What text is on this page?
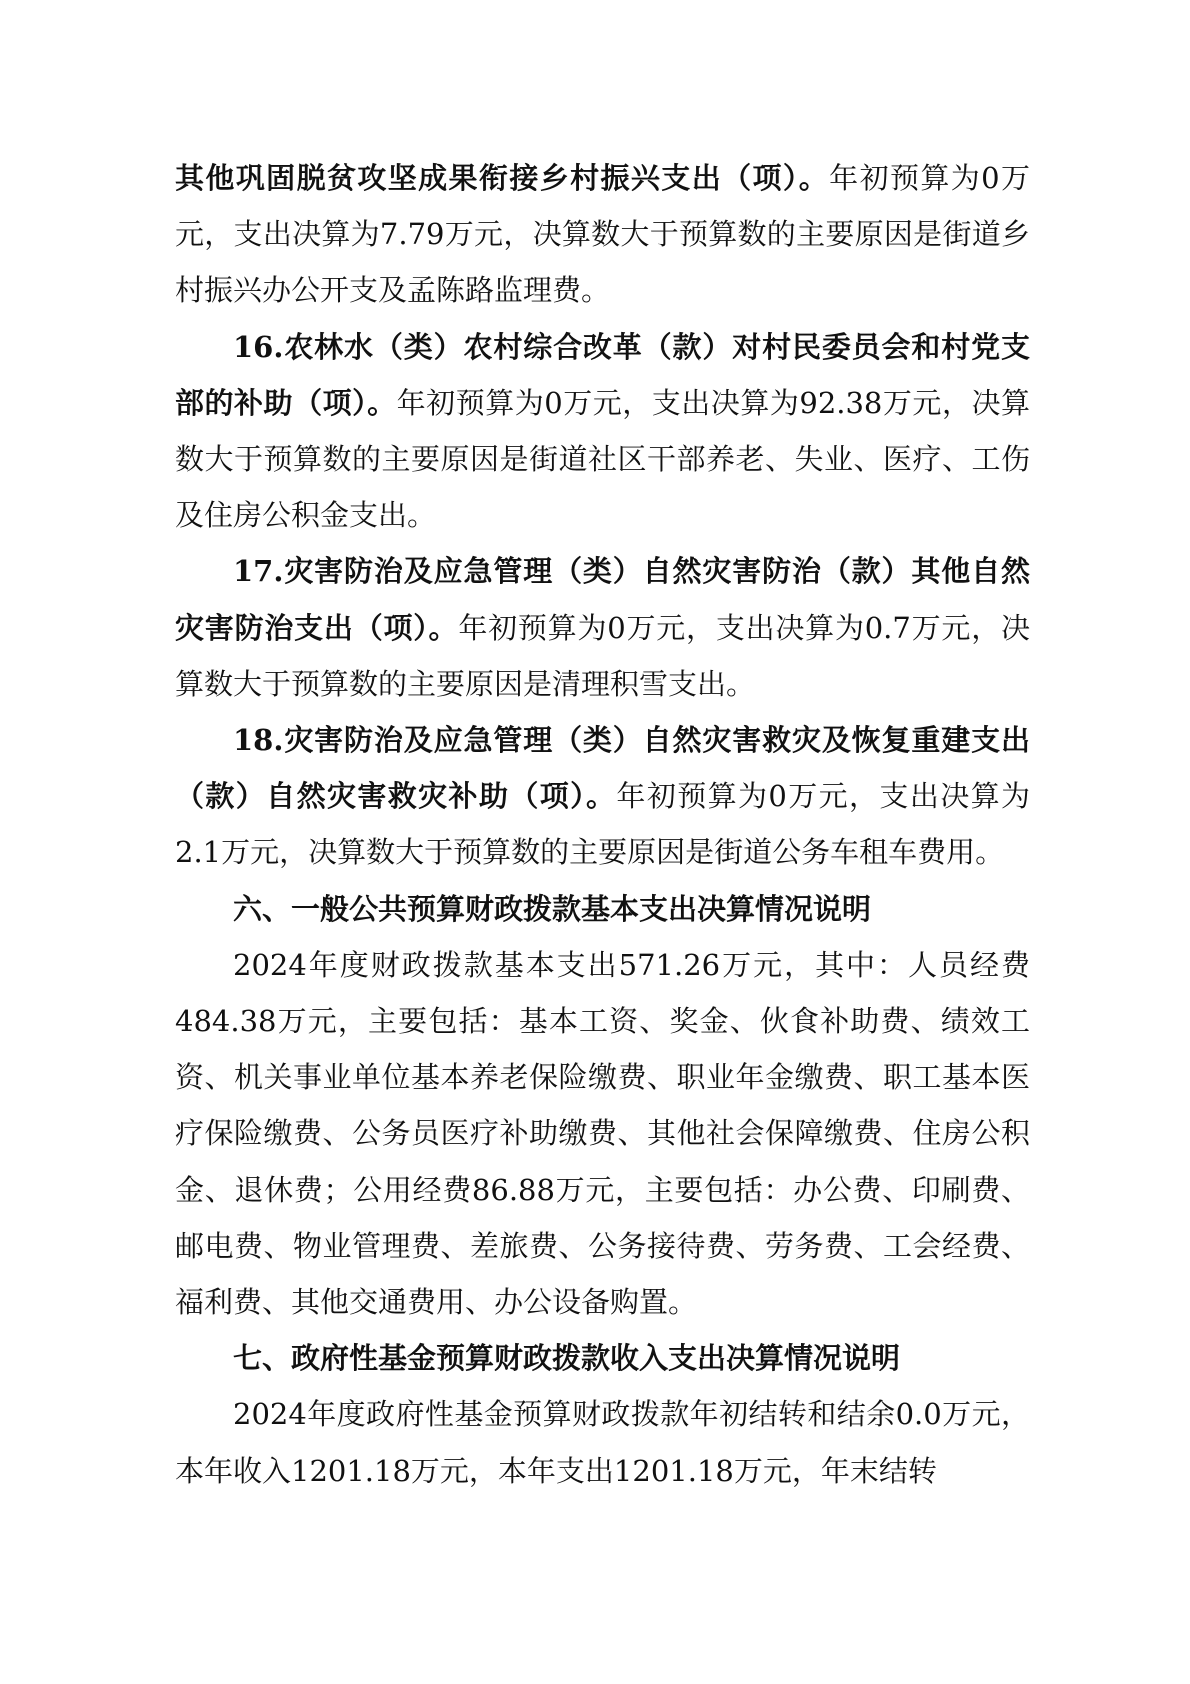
其他巩固脱贫攻坚成果衔接乡村振兴支出（项）。年初预算为0万元，支出决算为7.79万元，决算数大于预算数的主要原因是街道乡村振兴办公开支及孟陈路监理费。

16.农林水（类）农村综合改革（款）对村民委员会和村党支部的补助（项）。年初预算为0万元，支出决算为92.38万元，决算数大于预算数的主要原因是街道社区干部养老、失业、医疗、工伤及住房公积金支出。

17.灾害防治及应急管理（类）自然灾害防治（款）其他自然灾害防治支出（项）。年初预算为0万元，支出决算为0.7万元，决算数大于预算数的主要原因是清理积雪支出。

18.灾害防治及应急管理（类）自然灾害救灾及恢复重建支出（款）自然灾害救灾补助（项）。年初预算为0万元，支出决算为2.1万元，决算数大于预算数的主要原因是街道公务车租车费用。

六、一般公共预算财政拨款基本支出决算情况说明

2024年度财政拨款基本支出571.26万元，其中：人员经费484.38万元，主要包括：基本工资、奖金、伙食补助费、绩效工资、机关事业单位基本养老保险缴费、职业年金缴费、职工基本医疗保险缴费、公务员医疗补助缴费、其他社会保障缴费、住房公积金、退休费；公用经费86.88万元，主要包括：办公费、印刷费、邮电费、物业管理费、差旅费、公务接待费、劳务费、工会经费、福利费、其他交通费用、办公设备购置。

七、政府性基金预算财政拨款收入支出决算情况说明

2024年度政府性基金预算财政拨款年初结转和结余0.0万元，本年收入1201.18万元，本年支出1201.18万元，年末结转
